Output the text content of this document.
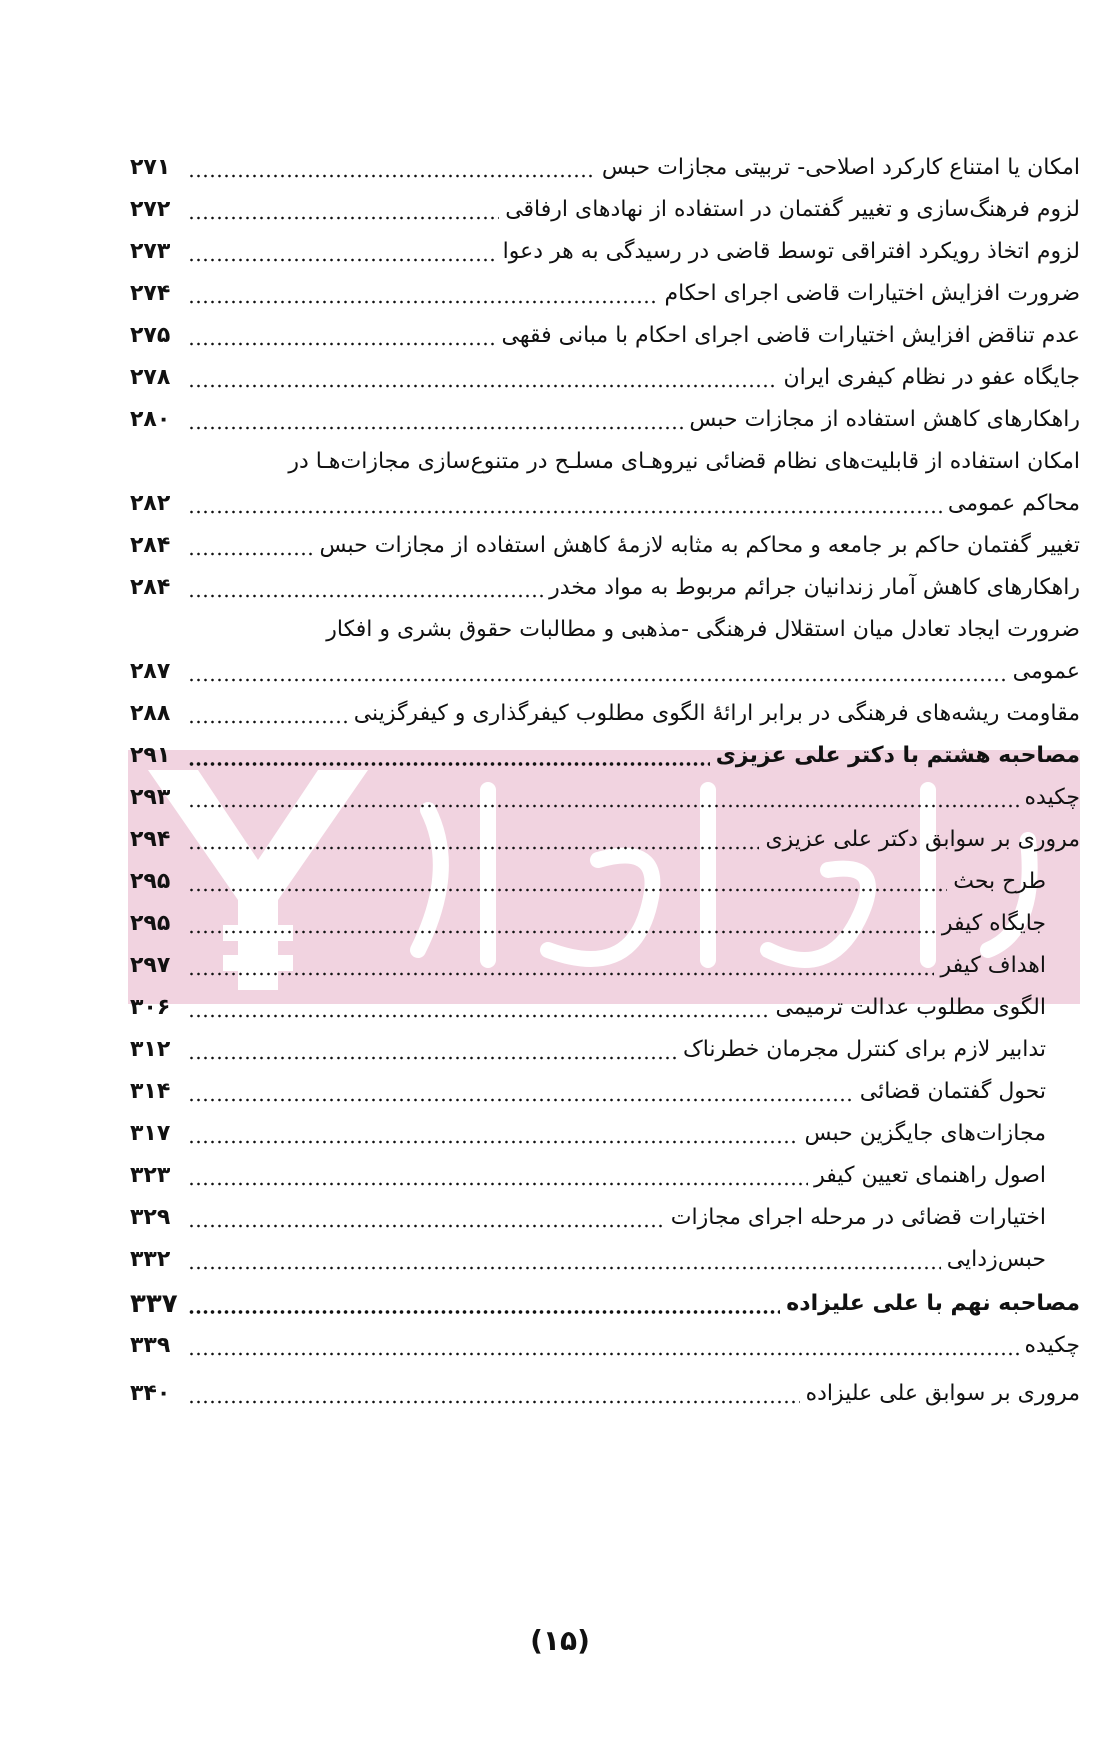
امکان یا امتناع کارکرد اصلاحی- تربیتی مجازات حبس
۲۷۱
لزوم فرهنگ‌سازی و تغییر گفتمان در استفاده از نهادهای ارفاقی
۲۷۲
لزوم اتخاذ رویکرد افتراقی توسط قاضی در رسیدگی به هر دعوا
۲۷۳
ضرورت افزایش اختیارات قاضی اجرای احکام
۲۷۴
عدم تناقض افزایش اختیارات قاضی اجرای احکام با مبانی فقهی
۲۷۵
جایگاه عفو در نظام کیفری ایران
۲۷۸
راهکارهای کاهش استفاده از مجازات حبس
۲۸۰
امکان استفاده از قابلیت‌های نظام قضائی نیروهـای مسلـح در متنوع‌سازی مجازات‌هـا در
محاکم عمومی
۲۸۲
تغییر گفتمان حاکم بر جامعه و محاکم به مثابه لازمهٔ کاهش استفاده از مجازات حبس
۲۸۴
راهکارهای کاهش آمار زندانیان جرائم مربوط به مواد مخدر
۲۸۴
ضرورت ایجاد تعادل میان استقلال فرهنگی -مذهبی و مطالبات حقوق بشری و افکار
عمومی
۲۸۷
مقاومت ریشه‌های فرهنگی در برابر ارائهٔ الگوی مطلوب کیفرگذاری و کیفرگزینی
۲۸۸
مصاحبه هشتم با دکتر علی عزیزی
۲۹۱
چکیده
۲۹۳
مروری بر سوابق دکتر علی عزیزی
۲۹۴
طرح بحث
۲۹۵
جایگاه کیفر
۲۹۵
اهداف کیفر
۲۹۷
الگوی مطلوب عدالت ترمیمی
۳۰۶
تدابیر لازم برای کنترل مجرمان خطرناک
۳۱۲
تحول گفتمان قضائی
۳۱۴
مجازات‌های جایگزین حبس
۳۱۷
اصول راهنمای تعیین کیفر
۳۲۳
اختیارات قضائی در مرحله اجرای مجازات
۳۲۹
حبس‌زدایی
۳۳۲
مصاحبه نهم با علی علیزاده
۳۳۷
چکیده
۳۳۹
مروری بر سوابق علی علیزاده
۳۴۰
(۱۵)
